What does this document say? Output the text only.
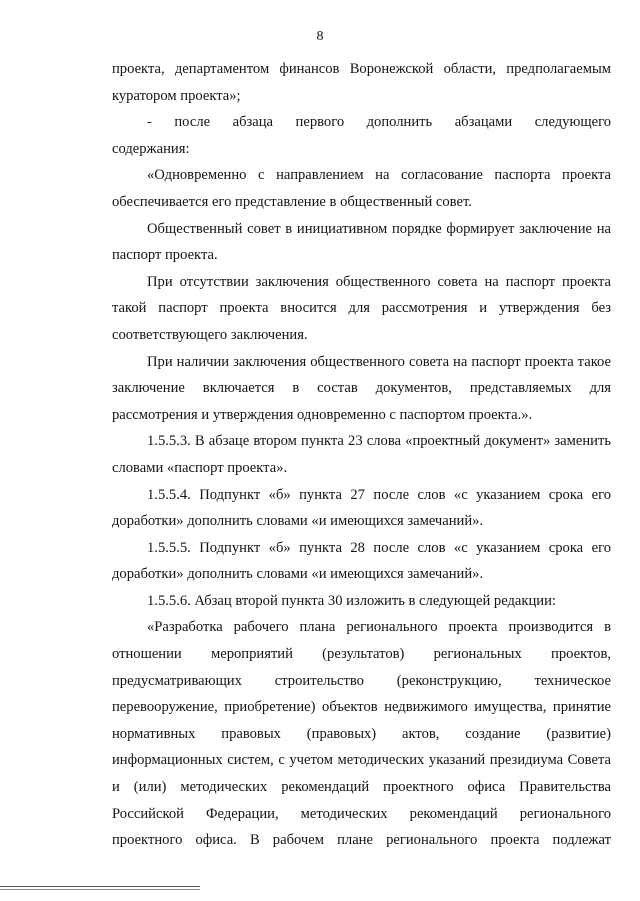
8

проекта, департаментом финансов Воронежской области, предполагаемым

куратором проекта»;

- после абзаца первого дополнить абзацами следующего

содержания:

«Одновременно с направлением на согласование паспорта проекта обеспечивается его представление в общественный совет.

Общественный совет в инициативном порядке формирует заключение на паспорт проекта.

При отсутствии заключения общественного совета на паспорт проекта такой паспорт проекта вносится для рассмотрения и утверждения без соответствующего заключения.

При наличии заключения общественного совета на паспорт проекта такое заключение включается в состав документов, представляемых для рассмотрения и утверждения одновременно с паспортом проекта.».

1.5.5.3. В абзаце втором пункта 23 слова «проектный документ» заменить словами «паспорт проекта».

1.5.5.4. Подпункт «б» пункта 27 после слов «с указанием срока его доработки» дополнить словами «и имеющихся замечаний».

1.5.5.5. Подпункт «б» пункта 28 после слов «с указанием срока его доработки» дополнить словами «и имеющихся замечаний».

1.5.5.6. Абзац второй пункта 30 изложить в следующей редакции:

«Разработка рабочего плана регионального проекта производится в отношении мероприятий (результатов) региональных проектов, предусматривающих строительство (реконструкцию, техническое перевооружение, приобретение) объектов недвижимого имущества, принятие нормативных правовых (правовых) актов, создание (развитие) информационных систем, с учетом методических указаний президиума Совета и (или) методических рекомендаций проектного офиса Правительства Российской Федерации, методических рекомендаций регионального проектного офиса. В рабочем плане регионального проекта подлежат
